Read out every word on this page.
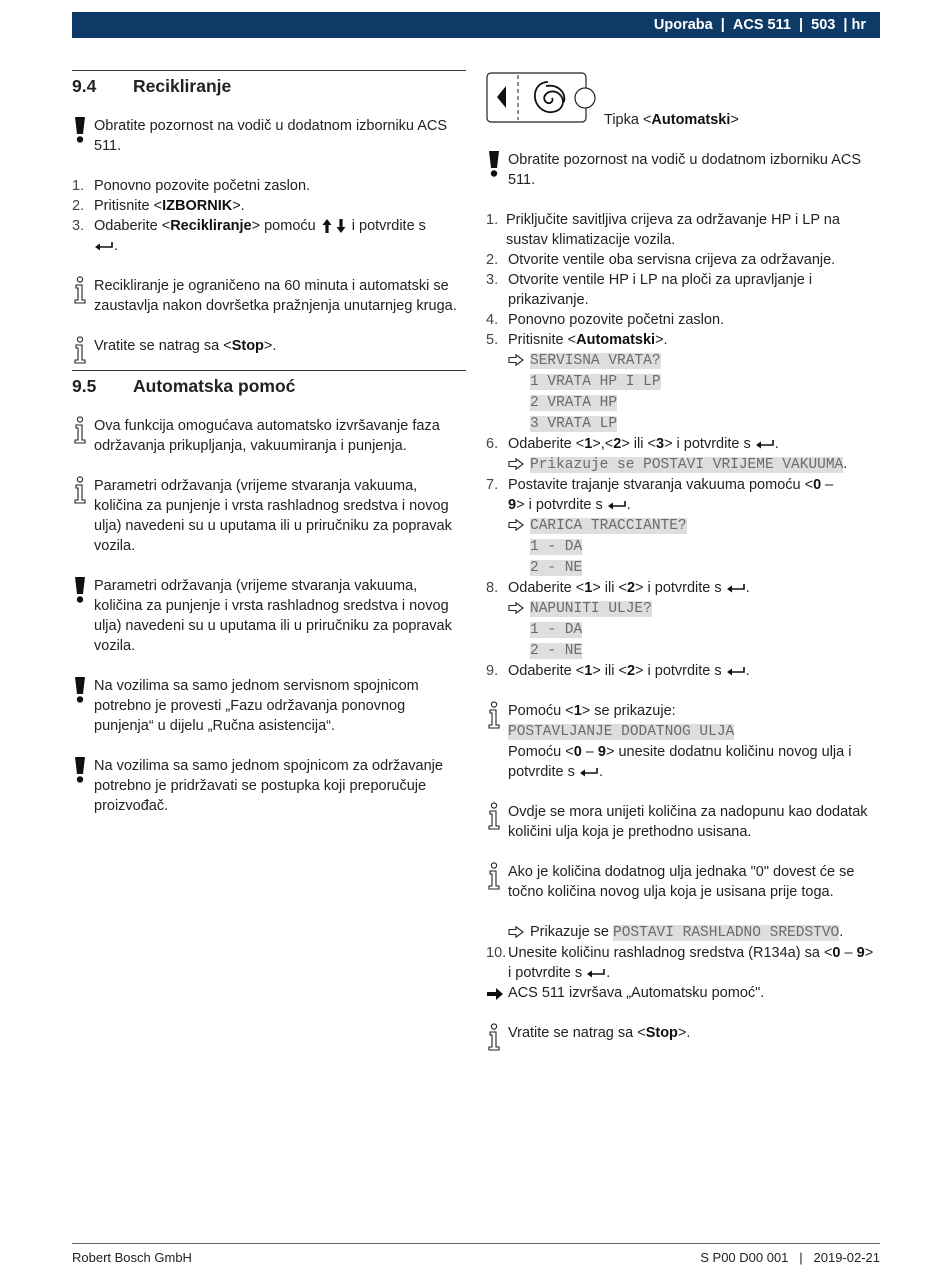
Uporaba
|
ACS 511
|
503
|
hr
9.4	Recikliranje
Obratite pozornost na vodič u dodatnom izborniku ACS 511.
1. Ponovno pozovite početni zaslon.
2. Pritisnite <IZBORNIK>.
3. Odaberite <Recikliranje> pomoću i potvrdite s
.
Recikliranje je ograničeno na 60 minuta i automatski se zaustavlja nakon dovršetka pražnjenja unutarnjeg kruga.
Vratite se natrag sa <Stop>.
9.5	Automatska pomoć
Ova funkcija omogućava automatsko izvršavanje faza održavanja prikupljanja, vakuumiranja i punjenja.
Parametri održavanja (vrijeme stvaranja vakuuma, količina za punjenje i vrsta rashladnog sredstva i novog ulja) navedeni su u uputama ili u priručniku za popravak vozila.
Parametri održavanja (vrijeme stvaranja vakuuma, količina za punjenje i vrsta rashladnog sredstva i novog ulja) navedeni su u uputama ili u priručniku za popravak vozila.
Na vozilima sa samo jednom servisnom spojnicom potrebno je provesti „Fazu održavanja ponovnog punjenja“ u dijelu „Ručna asistencija“.
Na vozilima sa samo jednom spojnicom za održavanje potrebno je pridržavati se postupka koji preporučuje proizvođač.
Tipka <Automatski>
Obratite pozornost na vodič u dodatnom izborniku ACS 511.
1. Priključite savitljiva crijeva za održavanje HP i LP na sustav klimatizacije vozila.
2. Otvorite ventile oba servisna crijeva za održavanje.
3. Otvorite ventile HP i LP na ploči za upravljanje i prikazivanje.
4. Ponovno pozovite početni zaslon.
5. Pritisnite <Automatski>.
SERVISNA VRATA?
1 VRATA HP I LP
2 VRATA HP
3 VRATA LP
6. Odaberite <1>,<2> ili <3> i potvrdite s .
Prikazuje se POSTAVI VRIJEME VAKUUMA.
7. Postavite trajanje stvaranja vakuuma pomoću <0 –
9> i potvrdite s .
CARICA TRACCIANTE?
1 - DA
2 - NE
8. Odaberite <1> ili <2> i potvrdite s .
NAPUNITI ULJE?
1 - DA
2 - NE
9. Odaberite <1> ili <2> i potvrdite s .
Pomoću <1> se prikazuje:
POSTAVLJANJE DODATNOG ULJA
Pomoću <0 – 9> unesite dodatnu količinu novog ulja i potvrdite s .
Ovdje se mora unijeti količina za nadopunu kao dodatak količini ulja koja je prethodno usisana.
Ako je količina dodatnog ulja jednaka "0" dovest će se točno količina novog ulja koja je usisana prije toga.
Prikazuje se POSTAVI RASHLADNO SREDSTVO.
10. Unesite količinu rashladnog sredstva (R134a) sa <0 – 9> i potvrdite s .
ACS 511 izvršava „Automatsku pomoć".
Vratite se natrag sa <Stop>.
Robert Bosch GmbH	S P00 D00 001 | 2019-02-21
